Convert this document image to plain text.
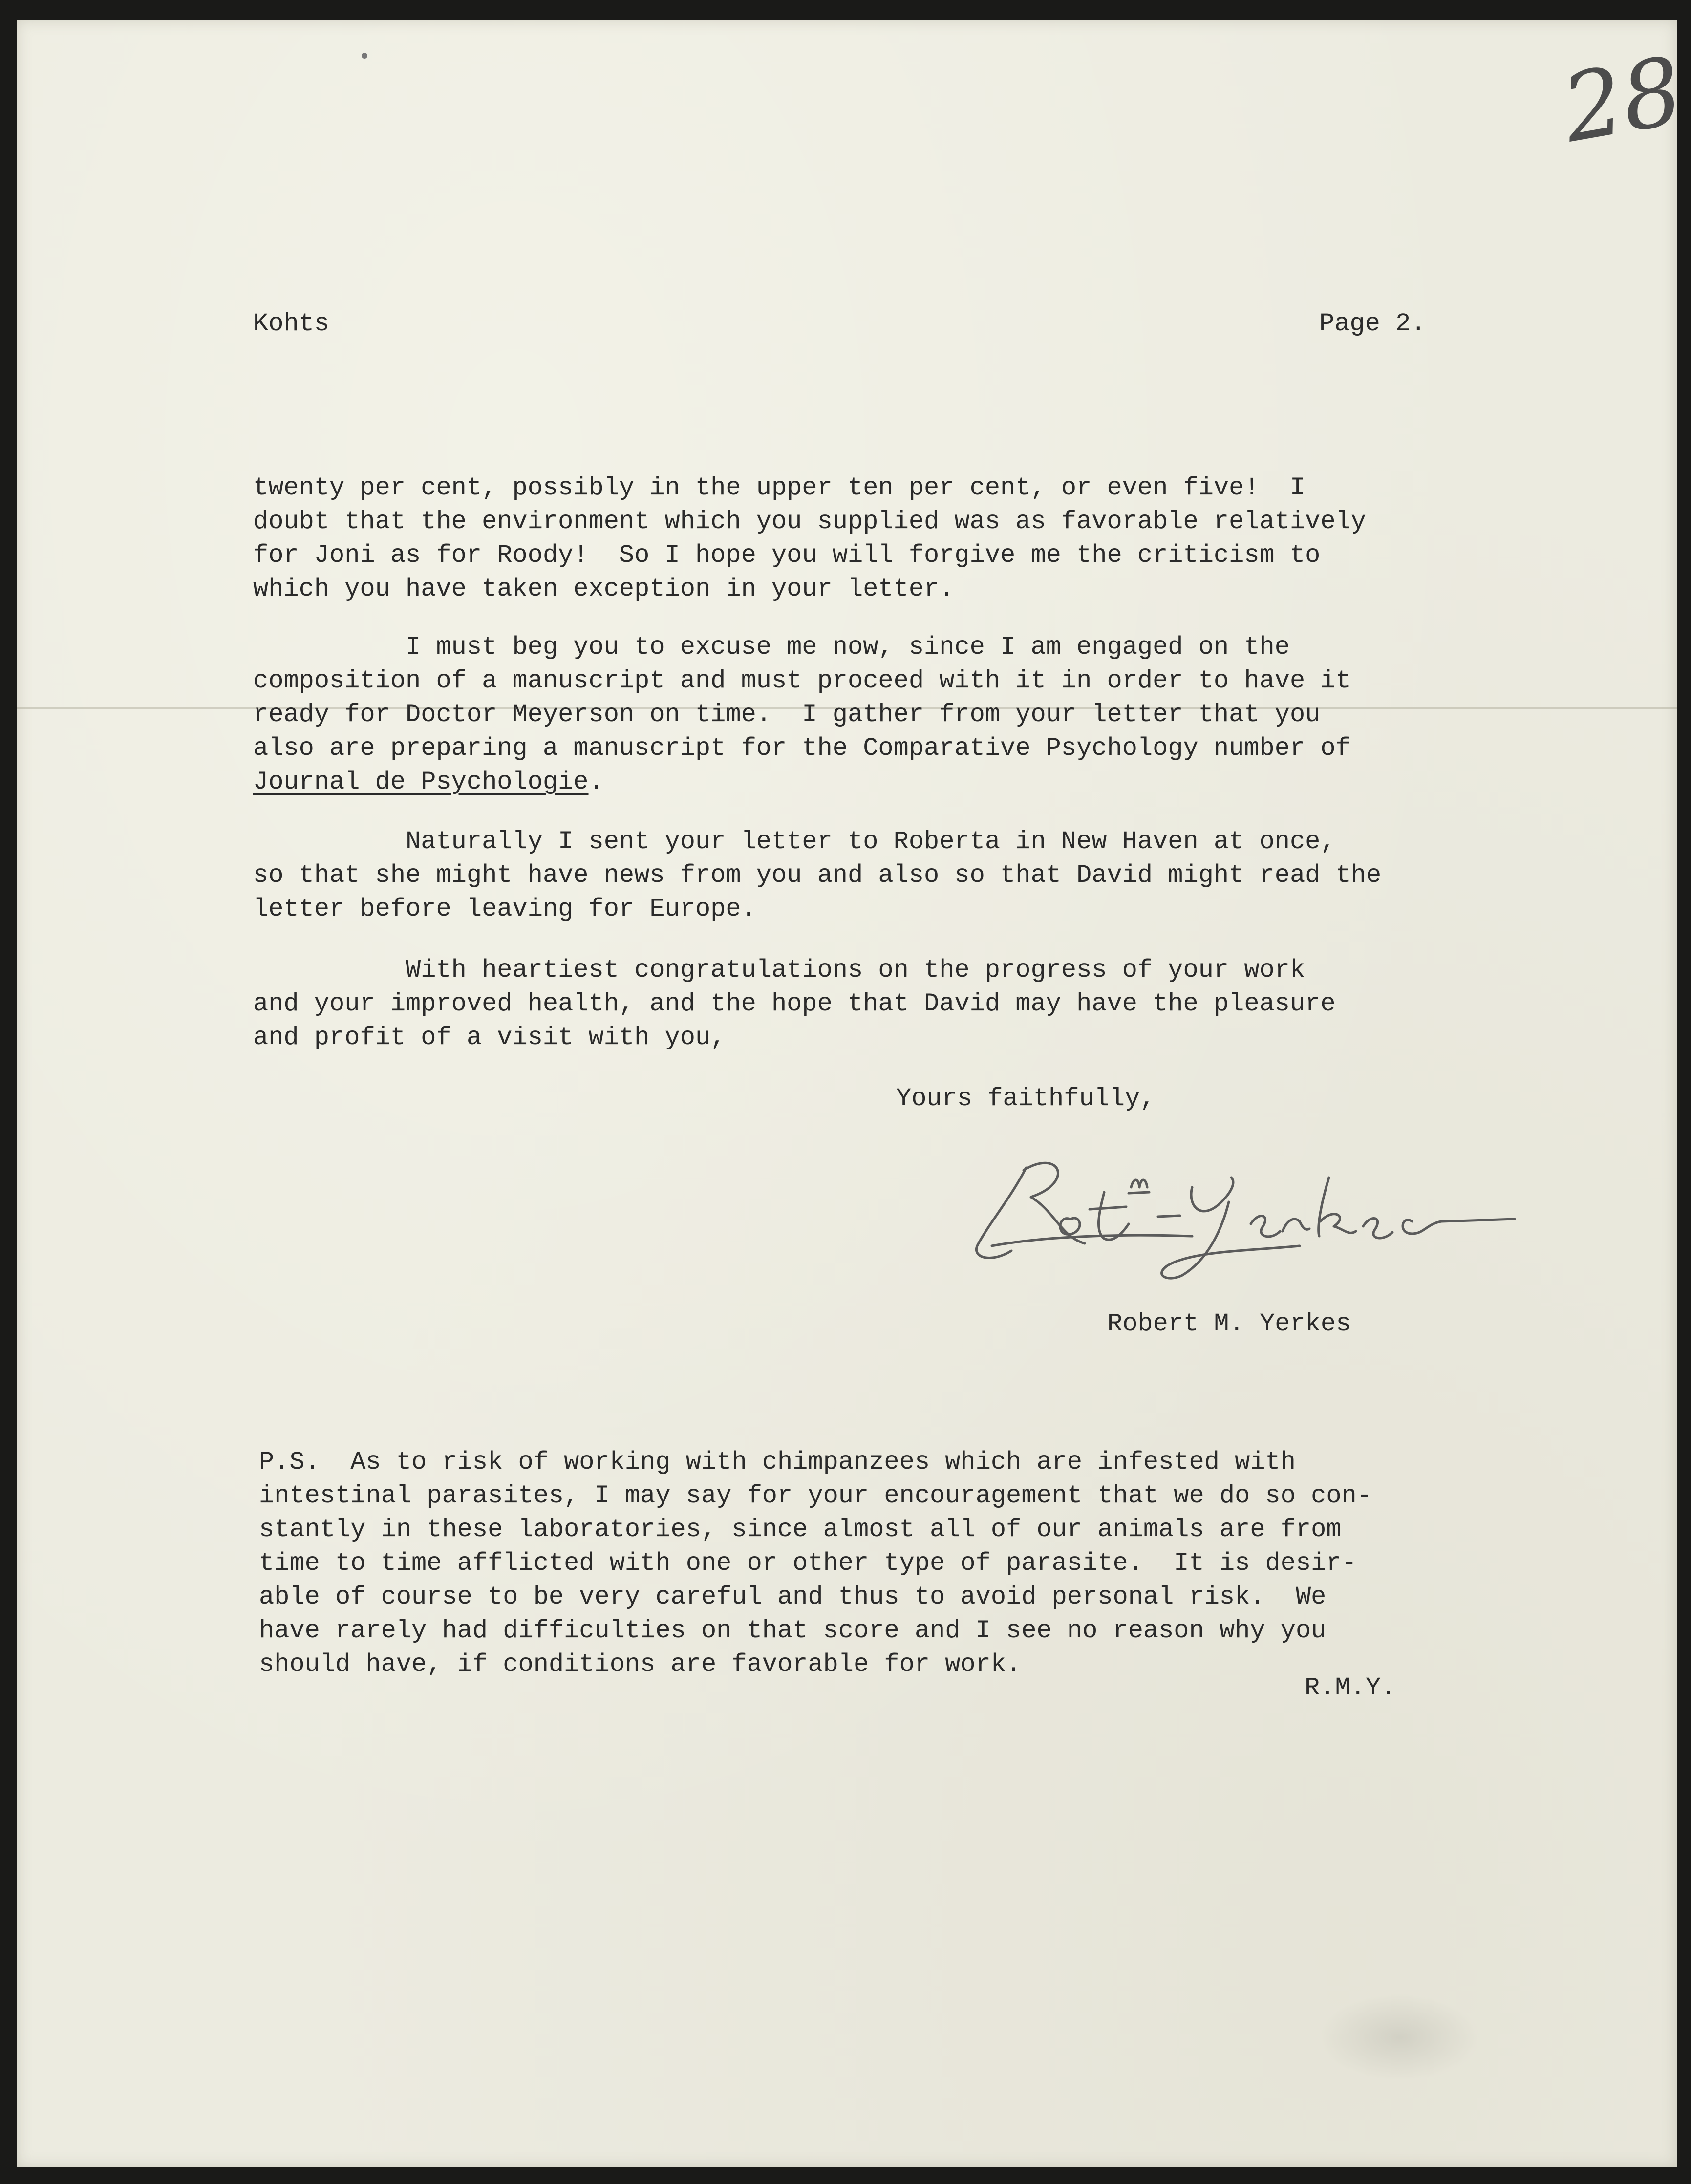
28
Kohts	Page 2.
twenty per cent, possibly in the upper ten per cent, or even five!  I
doubt that the environment which you supplied was as favorable relatively
for Joni as for Roody!  So I hope you will forgive me the criticism to
which you have taken exception in your letter.
I must beg you to excuse me now, since I am engaged on the
composition of a manuscript and must proceed with it in order to have it
ready for Doctor Meyerson on time.  I gather from your letter that you
also are preparing a manuscript for the Comparative Psychology number of
Journal de Psychologie.
Naturally I sent your letter to Roberta in New Haven at once,
so that she might have news from you and also so that David might read the
letter before leaving for Europe.
With heartiest congratulations on the progress of your work
and your improved health, and the hope that David may have the pleasure
and profit of a visit with you,
Yours faithfully,
Robert M. Yerkes
P.S.  As to risk of working with chimpanzees which are infested with
intestinal parasites, I may say for your encouragement that we do so con-
stantly in these laboratories, since almost all of our animals are from
time to time afflicted with one or other type of parasite.  It is desir-
able of course to be very careful and thus to avoid personal risk.  We
have rarely had difficulties on that score and I see no reason why you
should have, if conditions are favorable for work.
R.M.Y.
